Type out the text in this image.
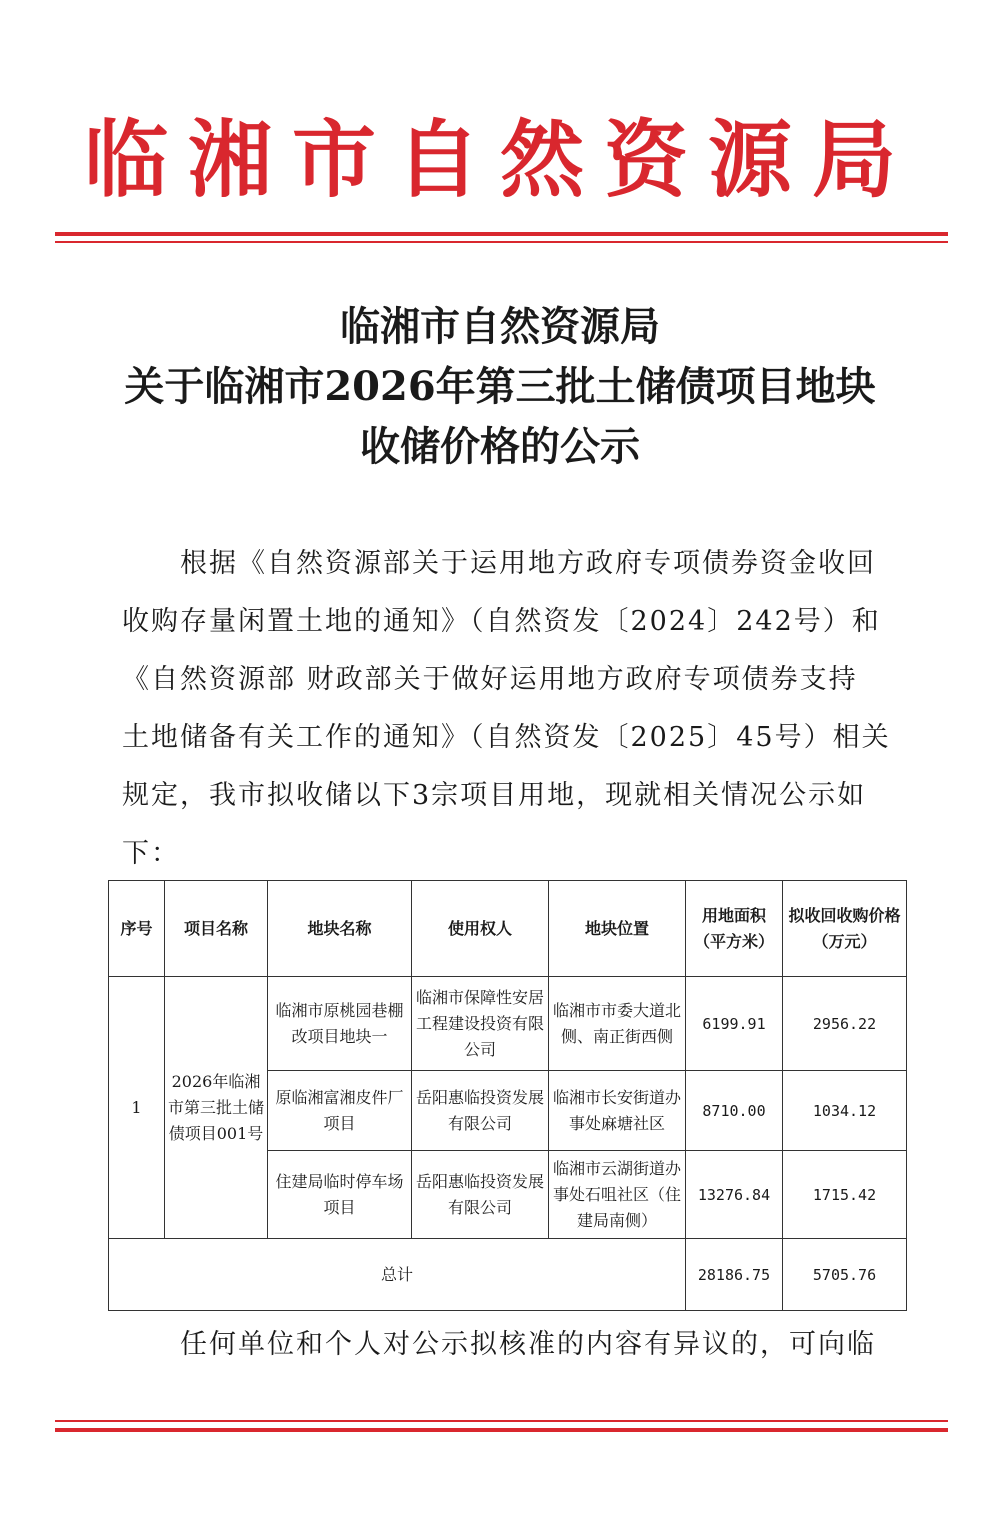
临湘市自然资源局
临湘市自然资源局
关于临湘市2026年第三批土储债项目地块
收储价格的公示
根据《自然资源部关于运用地方政府专项债券资金收回
收购存量闲置土地的通知》（自然资发〔2024〕242号）和
《自然资源部 财政部关于做好运用地方政府专项债券支持
土地储备有关工作的通知》（自然资发〔2025〕45号）相关
规定，我市拟收储以下3宗项目用地，现就相关情况公示如
下：
序号	项目名称	地块名称	使用权人	地块位置	用地面积（平方米）	拟收回收购价格（万元）
1	2026年临湘市第三批土储债项目001号	临湘市原桃园巷棚改项目地块一	临湘市保障性安居工程建设投资有限公司	临湘市市委大道北侧、南正街西侧	6199.91	2956.22
		原临湘富湘皮件厂项目	岳阳惠临投资发展有限公司	临湘市长安街道办事处麻塘社区	8710.00	1034.12
		住建局临时停车场项目	岳阳惠临投资发展有限公司	临湘市云湖街道办事处石咀社区（住建局南侧）	13276.84	1715.42
总计					28186.75	5705.76
任何单位和个人对公示拟核准的内容有异议的，可向临
